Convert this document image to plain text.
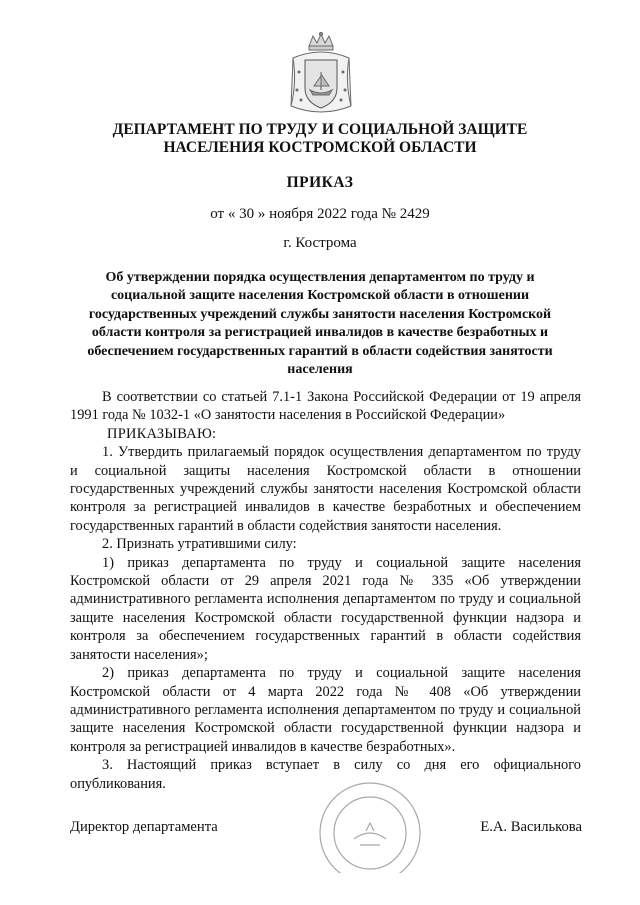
ДЕПАРТАМЕНТ ПО ТРУДУ И СОЦИАЛЬНОЙ ЗАЩИТЕ
НАСЕЛЕНИЯ КОСТРОМСКОЙ ОБЛАСТИ
ПРИКАЗ
от « 30 » ноября 2022 года № 2429
г. Кострома
Об утверждении порядка осуществления департаментом по труду и социальной защите населения Костромской области в отношении государственных учреждений службы занятости населения Костромской области контроля за регистрацией инвалидов в качестве безработных и обеспечением государственных гарантий в области содействия занятости населения

В соответствии со статьей 7.1-1 Закона Российской Федерации от 19 апреля 1991 года № 1032-1 «О занятости населения в Российской Федерации»

ПРИКАЗЫВАЮ:

1. Утвердить прилагаемый порядок осуществления департаментом по труду и социальной защиты населения Костромской области в отношении государственных учреждений службы занятости населения Костромской области контроля за регистрацией инвалидов в качестве безработных и обеспечением государственных гарантий в области содействия занятости населения.

2. Признать утратившими силу:

1) приказ департамента по труду и социальной защите населения Костромской области от 29 апреля 2021 года № 335 «Об утверждении административного регламента исполнения департаментом по труду и социальной защите населения Костромской области государственной функции надзора и контроля за обеспечением государственных гарантий в области содействия занятости населения»;

2) приказ департамента по труду и социальной защите населения Костромской области от 4 марта 2022 года № 408 «Об утверждении административного регламента исполнения департаментом по труду и социальной защите населения Костромской области государственной функции надзора и контроля за регистрацией инвалидов в качестве безработных».

3. Настоящий приказ вступает в силу со дня его официального опубликования.

Директор департамента	Е.А. Василькова
